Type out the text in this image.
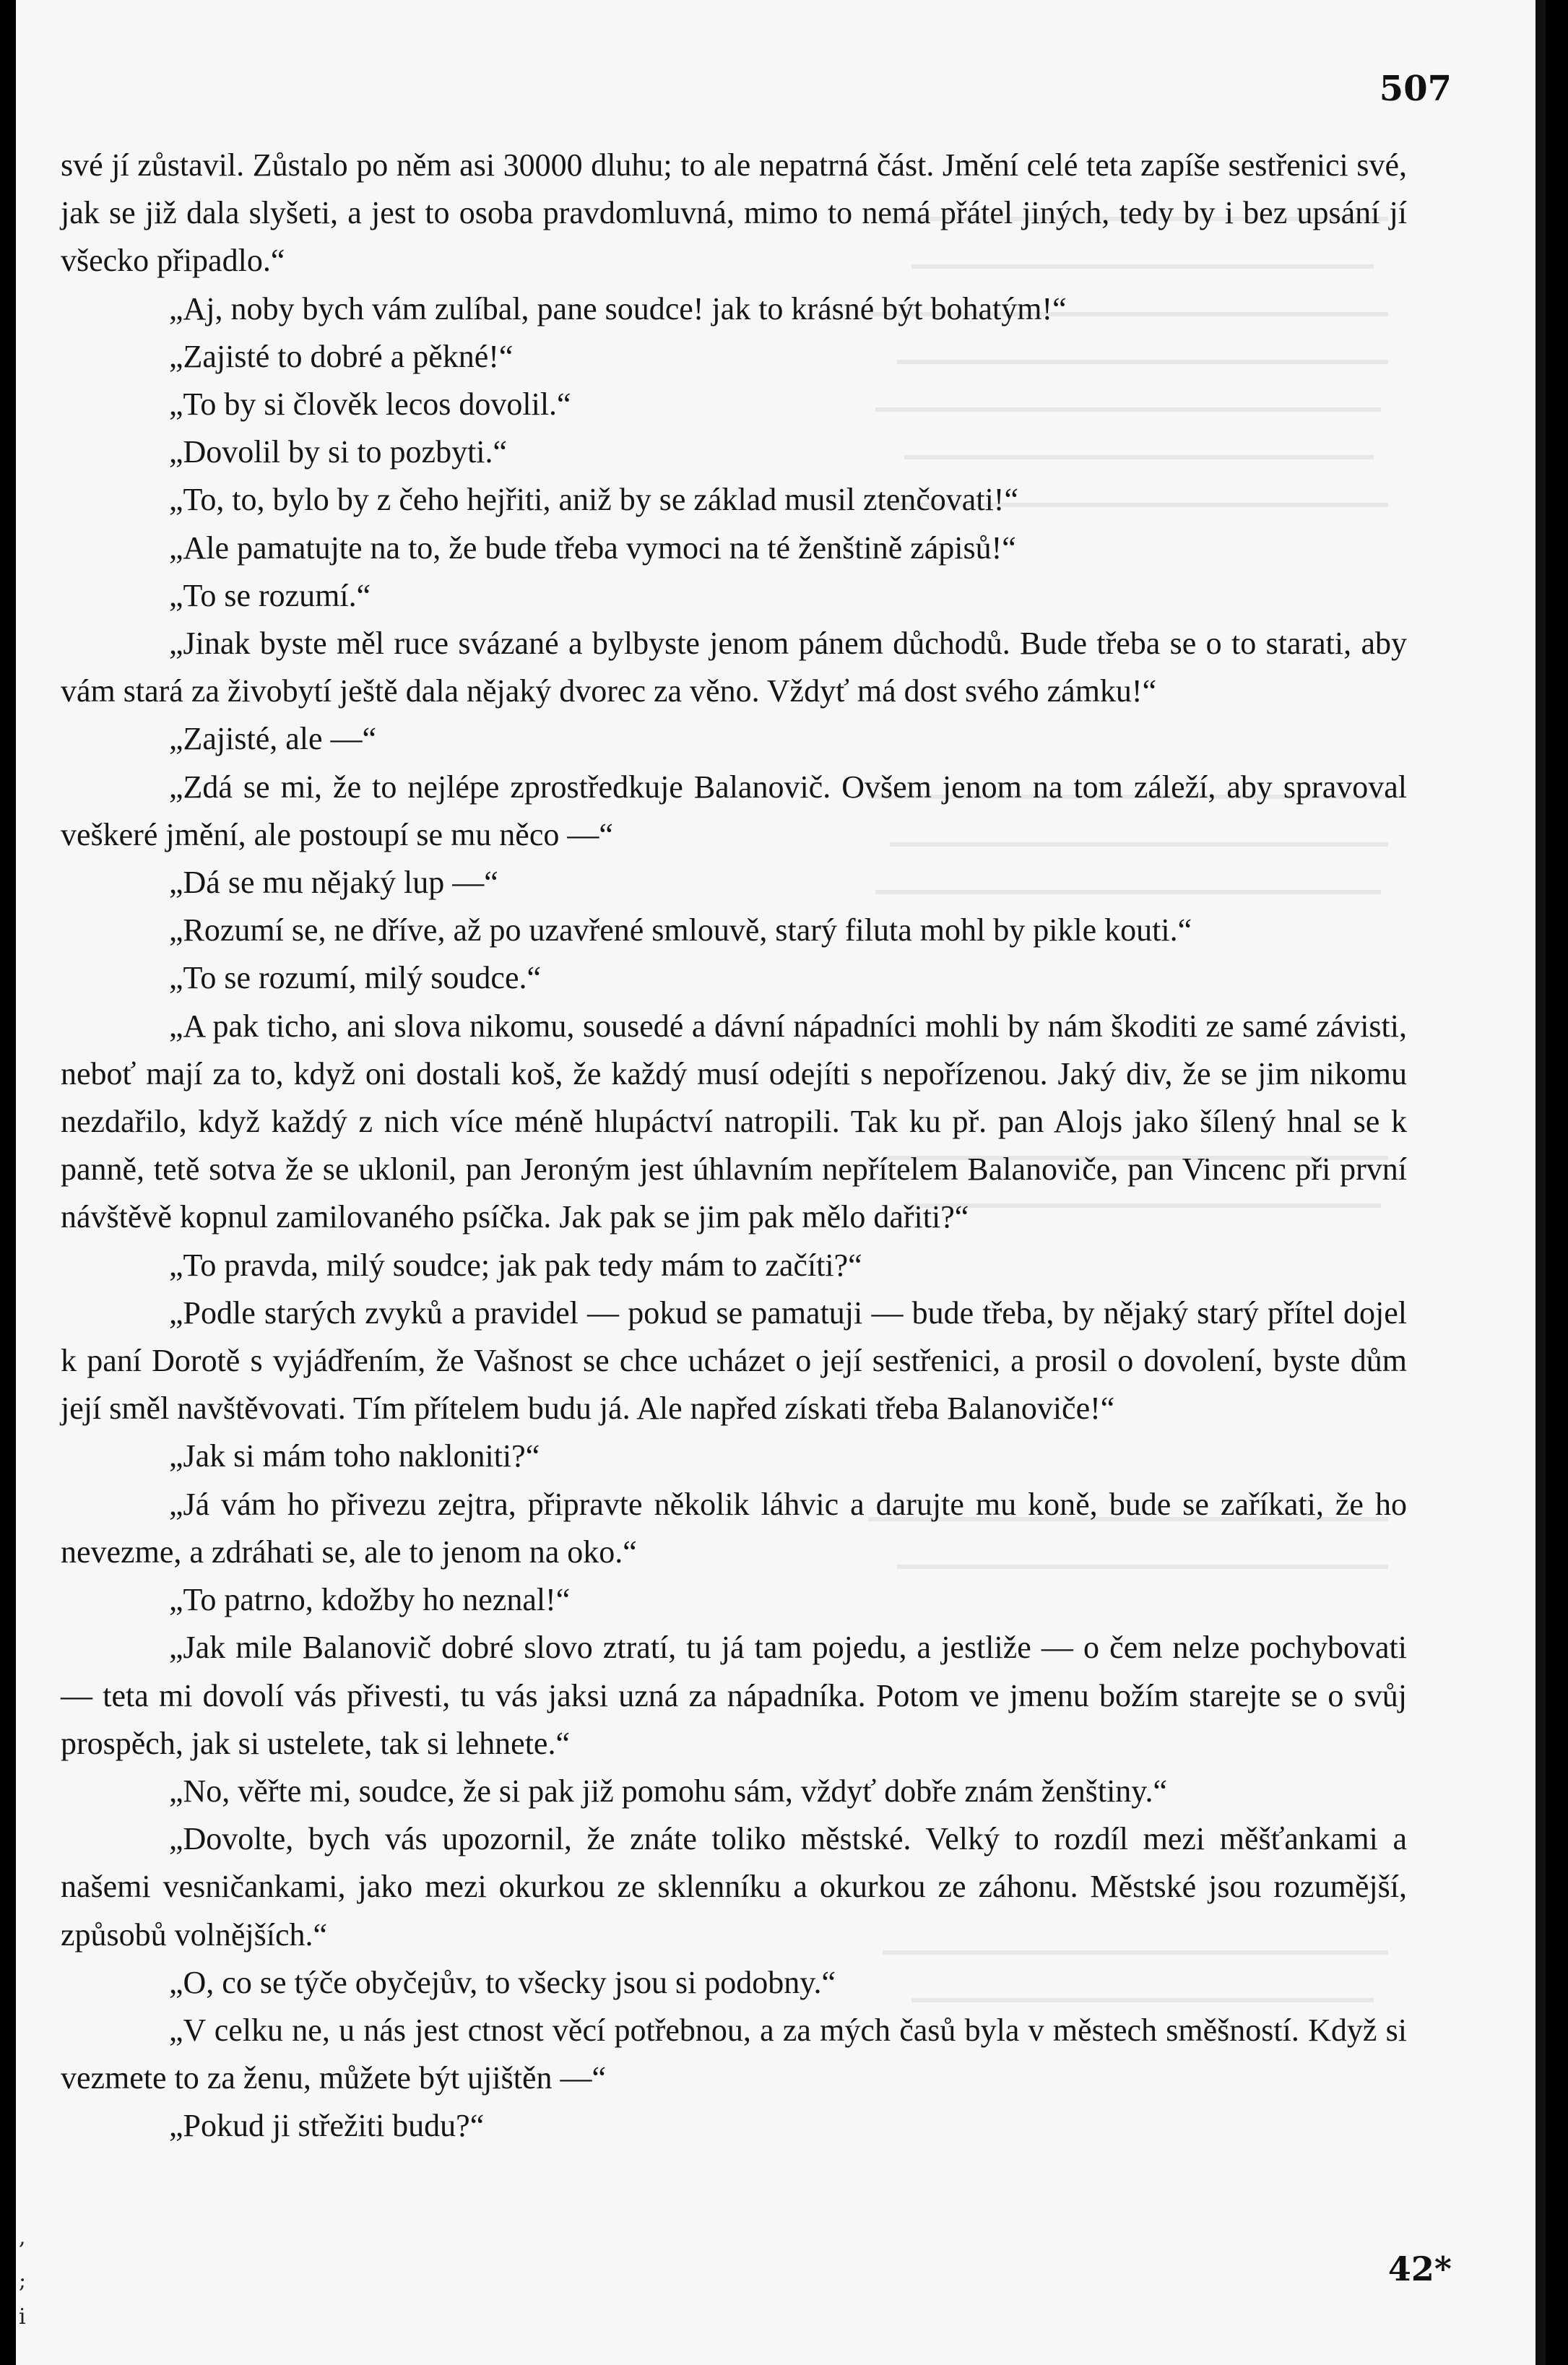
507

své jí zůstavil. Zůstalo po něm asi 30000 dluhu; to ale nepatrná část. Jmění celé teta zapíše sestřenici své, jak se již dala slyšeti, a jest to osoba pravdomluvná, mimo to nemá přátel jiných, tedy by i bez upsání jí všecko připadlo.“

„Aj, noby bych vám zulíbal, pane soudce! jak to krásné být bohatým!“

„Zajisté to dobré a pěkné!“

„To by si člověk lecos dovolil.“

„Dovolil by si to pozbyti.“

„To, to, bylo by z čeho hejřiti, aniž by se základ musil ztenčovati!“

„Ale pamatujte na to, že bude třeba vymoci na té ženštině zápisů!“

„To se rozumí.“

„Jinak byste měl ruce svázané a bylbyste jenom pánem důchodů. Bude třeba se o to starati, aby vám stará za živobytí ještě dala nějaký dvorec za věno. Vždyť má dost svého zámku!“

„Zajisté, ale —“

„Zdá se mi, že to nejlépe zprostředkuje Balanovič. Ovšem jenom na tom záleží, aby spravoval veškeré jmění, ale postoupí se mu něco —“

„Dá se mu nějaký lup —“

„Rozumí se, ne dříve, až po uzavřené smlouvě, starý filuta mohl by pikle kouti.“

„To se rozumí, milý soudce.“

„A pak ticho, ani slova nikomu, sousedé a dávní nápadníci mohli by nám škoditi ze samé závisti, neboť mají za to, když oni dostali koš, že každý musí odejíti s nepořízenou. Jaký div, že se jim nikomu nezdařilo, když každý z nich více méně hlupáctví natropili. Tak ku př. pan Alojs jako šílený hnal se k panně, tetě sotva že se uklonil, pan Jeroným jest úhlavním nepřítelem Balanoviče, pan Vincenc při první návštěvě kopnul zamilovaného psíčka. Jak pak se jim pak mělo dařiti?“

„To pravda, milý soudce; jak pak tedy mám to začíti?“

„Podle starých zvyků a pravidel — pokud se pamatuji — bude třeba, by nějaký starý přítel dojel k paní Dorotě s vyjádřením, že Vašnost se chce ucházet o její sestřenici, a prosil o dovolení, byste dům její směl navštěvovati. Tím přítelem budu já. Ale napřed získati třeba Balanoviče!“

„Jak si mám toho nakloniti?“

„Já vám ho přivezu zejtra, připravte několik láhvic a darujte mu koně, bude se zaříkati, že ho nevezme, a zdráhati se, ale to jenom na oko.“

„To patrno, kdožby ho neznal!“

„Jak mile Balanovič dobré slovo ztratí, tu já tam pojedu, a jestliže — o čem nelze pochybovati — teta mi dovolí vás přivesti, tu vás jaksi uzná za nápadníka. Potom ve jmenu božím starejte se o svůj prospěch, jak si ustelete, tak si lehnete.“

„No, věřte mi, soudce, že si pak již pomohu sám, vždyť dobře znám ženštiny.“

„Dovolte, bych vás upozornil, že znáte toliko městské. Velký to rozdíl mezi měšťankami a našemi vesničankami, jako mezi okurkou ze sklenníku a okurkou ze záhonu. Městské jsou rozumější, způsobů volnějších.“

„O, co se týče obyčejův, to všecky jsou si podobny.“

„V celku ne, u nás jest ctnost věcí potřebnou, a za mých časů byla v městech směšností. Když si vezmete to za ženu, můžete být ujištěn —“

„Pokud ji střežiti budu?“

42*

,
;
i
